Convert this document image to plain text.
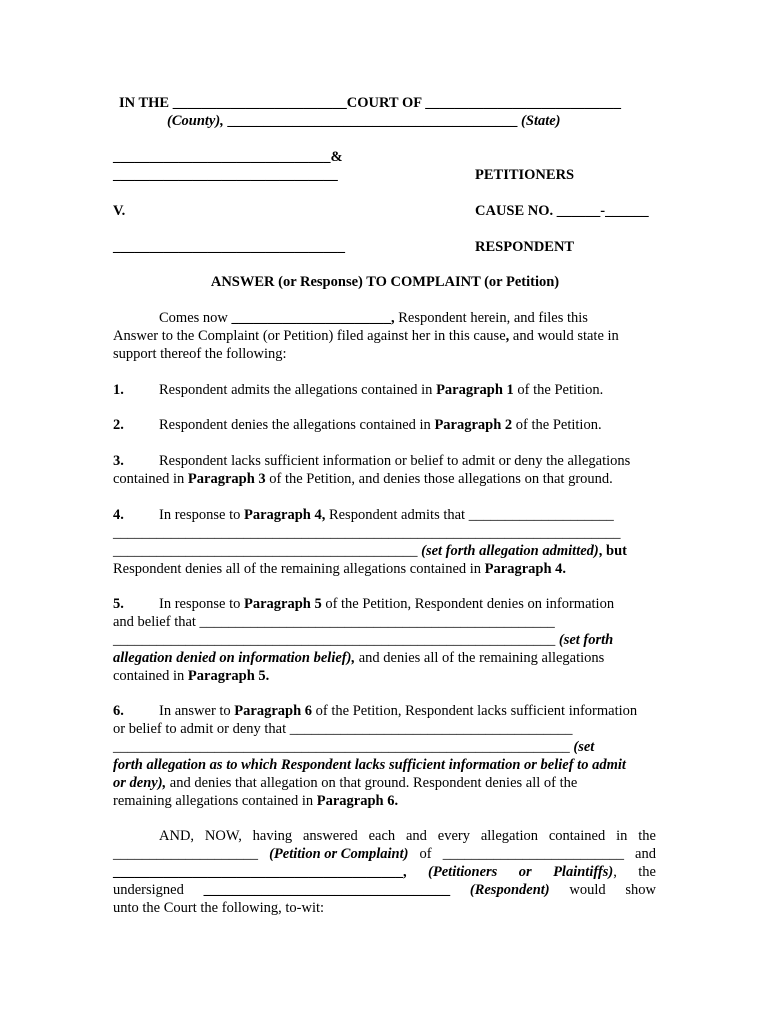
IN THE ________________________COURT OF ___________________________
(County), ________________________________________ (State)
______________________________&
_______________________________	PETITIONERS
V.	CAUSE NO. ______-______
________________________________	RESPONDENT
ANSWER (or Response) TO COMPLAINT (or Petition)
Comes now ______________________, Respondent herein, and files this
Answer to the Complaint (or Petition) filed against her in this cause, and would state in
support thereof the following:
1. Respondent admits the allegations contained in Paragraph 1 of the Petition.
2. Respondent denies the allegations contained in Paragraph 2 of the Petition.
3. Respondent lacks sufficient information or belief to admit or deny the allegations
contained in Paragraph 3 of the Petition, and denies those allegations on that ground.
4. In response to Paragraph 4, Respondent admits that ____________________
______________________________________________________________________
__________________________________________ (set forth allegation admitted), but
Respondent denies all of the remaining allegations contained in Paragraph 4.
5. In response to Paragraph 5 of the Petition, Respondent denies on information
and belief that _________________________________________________
_____________________________________________________________ (set forth
allegation denied on information belief), and denies all of the remaining allegations
contained in Paragraph 5.
6. In answer to Paragraph 6 of the Petition, Respondent lacks sufficient information
or belief to admit or deny that _______________________________________
_______________________________________________________________ (set
forth allegation as to which Respondent lacks sufficient information or belief to admit
or deny), and denies that allegation on that ground. Respondent denies all of the
remaining allegations contained in Paragraph 6.
AND, NOW, having answered each and every allegation contained in the
____________________ (Petition or Complaint) of _________________________ and
________________________________________, (Petitioners or Plaintiffs), the
undersigned __________________________________ (Respondent) would show
unto the Court the following, to-wit:
